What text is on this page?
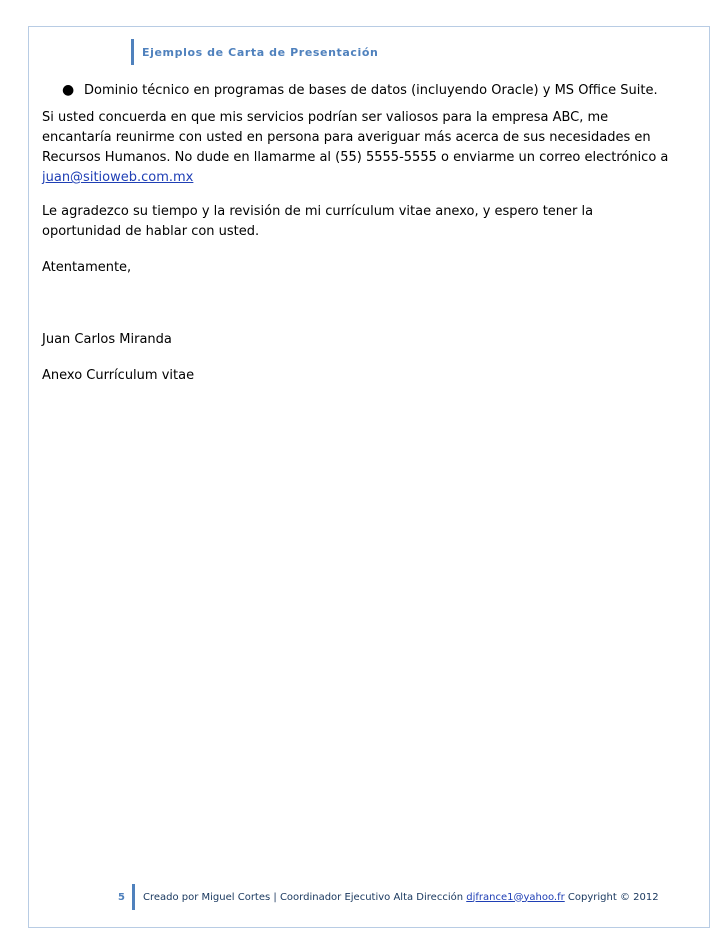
Ejemplos de Carta de Presentación
● Dominio técnico en programas de bases de datos (incluyendo Oracle) y MS Office Suite.
Si usted concuerda en que mis servicios podrían ser valiosos para la empresa ABC, me
encantaría reunirme con usted en persona para averiguar más acerca de sus necesidades en
Recursos Humanos. No dude en llamarme al (55) 5555-5555 o enviarme un correo electrónico a
juan@sitioweb.com.mx
Le agradezco su tiempo y la revisión de mi currículum vitae anexo, y espero tener la
oportunidad de hablar con usted.
Atentamente,
Juan Carlos Miranda
Anexo Currículum vitae
5	Creado por Miguel Cortes | Coordinador Ejecutivo Alta Dirección djfrance1@yahoo.fr Copyright © 2012
